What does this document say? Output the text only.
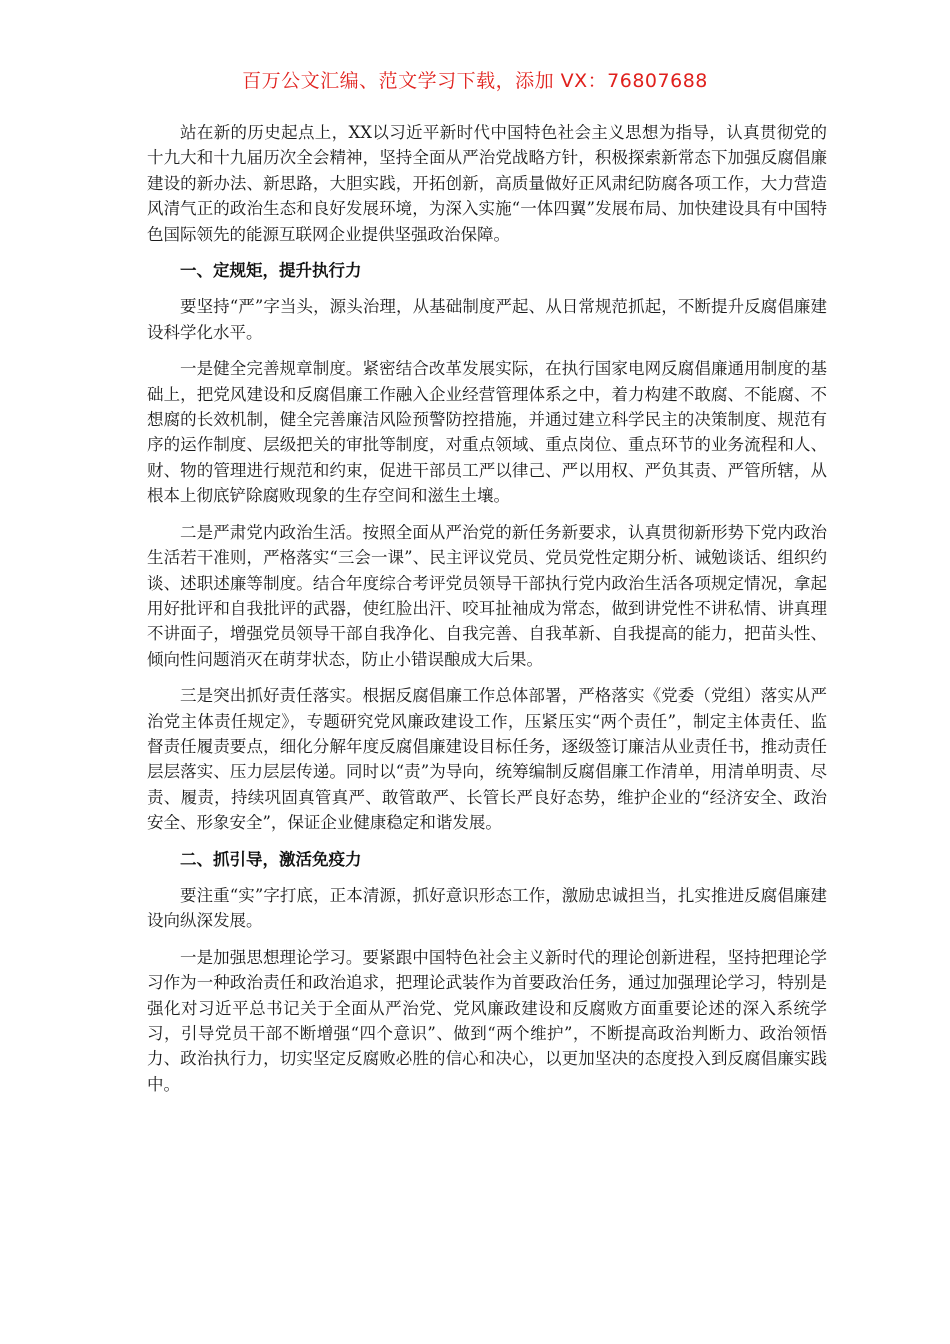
百万公文汇编、范文学习下载，添加 VX：76807688

站在新的历史起点上，XX以习近平新时代中国特色社会主义思想为指导，认真贯彻党的十九大和十九届历次全会精神，坚持全面从严治党战略方针，积极探索新常态下加强反腐倡廉建设的新办法、新思路，大胆实践，开拓创新，高质量做好正风肃纪防腐各项工作，大力营造风清气正的政治生态和良好发展环境，为深入实施“一体四翼”发展布局、加快建设具有中国特色国际领先的能源互联网企业提供坚强政治保障。

一、定规矩，提升执行力

要坚持“严”字当头，源头治理，从基础制度严起、从日常规范抓起，不断提升反腐倡廉建设科学化水平。

一是健全完善规章制度。紧密结合改革发展实际，在执行国家电网反腐倡廉通用制度的基础上，把党风建设和反腐倡廉工作融入企业经营管理体系之中，着力构建不敢腐、不能腐、不想腐的长效机制，健全完善廉洁风险预警防控措施，并通过建立科学民主的决策制度、规范有序的运作制度、层级把关的审批等制度，对重点领域、重点岗位、重点环节的业务流程和人、财、物的管理进行规范和约束，促进干部员工严以律己、严以用权、严负其责、严管所辖，从根本上彻底铲除腐败现象的生存空间和滋生土壤。

二是严肃党内政治生活。按照全面从严治党的新任务新要求，认真贯彻新形势下党内政治生活若干准则，严格落实“三会一课”、民主评议党员、党员党性定期分析、诫勉谈话、组织约谈、述职述廉等制度。结合年度综合考评党员领导干部执行党内政治生活各项规定情况，拿起用好批评和自我批评的武器，使红脸出汗、咬耳扯袖成为常态，做到讲党性不讲私情、讲真理不讲面子，增强党员领导干部自我净化、自我完善、自我革新、自我提高的能力，把苗头性、倾向性问题消灭在萌芽状态，防止小错误酿成大后果。

三是突出抓好责任落实。根据反腐倡廉工作总体部署，严格落实《党委（党组）落实从严治党主体责任规定》，专题研究党风廉政建设工作，压紧压实“两个责任”，制定主体责任、监督责任履责要点，细化分解年度反腐倡廉建设目标任务，逐级签订廉洁从业责任书，推动责任层层落实、压力层层传递。同时以“责”为导向，统筹编制反腐倡廉工作清单，用清单明责、尽责、履责，持续巩固真管真严、敢管敢严、长管长严良好态势，维护企业的“经济安全、政治安全、形象安全”，保证企业健康稳定和谐发展。

二、抓引导，激活免疫力

要注重“实”字打底，正本清源，抓好意识形态工作，激励忠诚担当，扎实推进反腐倡廉建设向纵深发展。

一是加强思想理论学习。要紧跟中国特色社会主义新时代的理论创新进程，坚持把理论学习作为一种政治责任和政治追求，把理论武装作为首要政治任务，通过加强理论学习，特别是强化对习近平总书记关于全面从严治党、党风廉政建设和反腐败方面重要论述的深入系统学习，引导党员干部不断增强“四个意识”、做到“两个维护”，不断提高政治判断力、政治领悟力、政治执行力，切实坚定反腐败必胜的信心和决心，以更加坚决的态度投入到反腐倡廉实践中。
